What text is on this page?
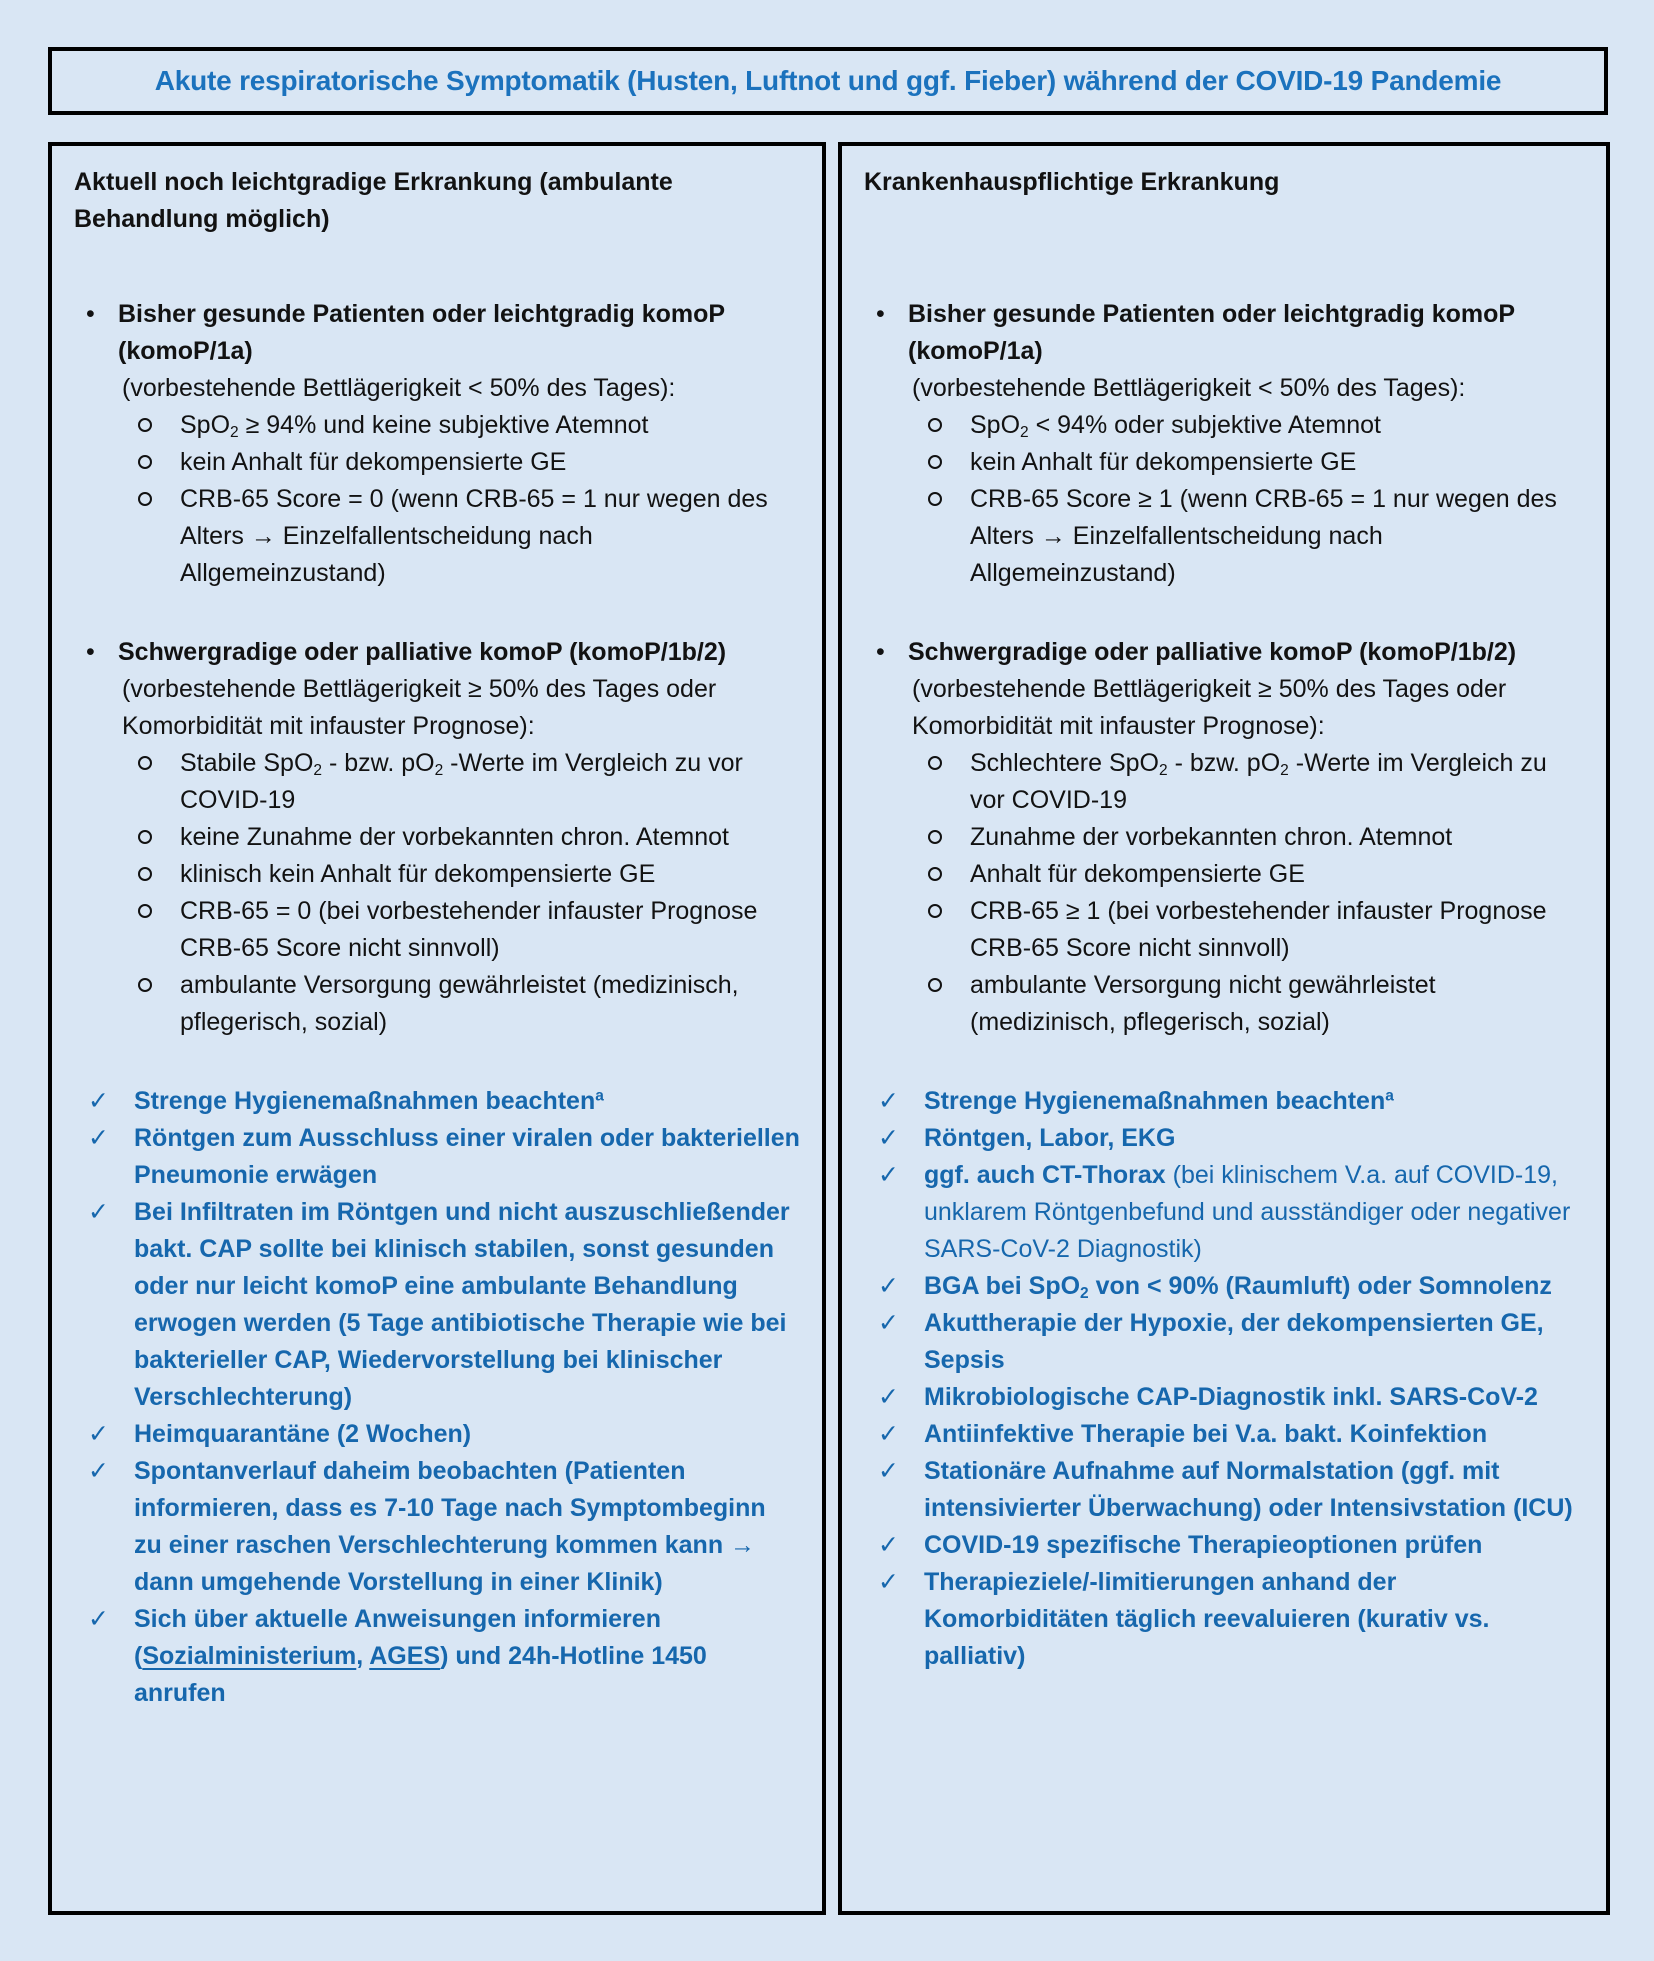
Akute respiratorische Symptomatik (Husten, Luftnot und ggf. Fieber) während der COVID-19 Pandemie
Aktuell noch leichtgradige Erkrankung (ambulante Behandlung möglich)
• Bisher gesunde Patienten oder leichtgradig komoP (komoP/1a)
(vorbestehende Bettlägerigkeit < 50% des Tages):
SpO$_2$ ≥ 94% und keine subjektive Atemnot
kein Anhalt für dekompensierte GE
CRB-65 Score = 0 (wenn CRB-65 = 1 nur wegen des Alters → Einzelfallentscheidung nach Allgemeinzustand)
• Schwergradige oder palliative komoP (komoP/1b/2)
(vorbestehende Bettlägerigkeit ≥ 50% des Tages oder Komorbidität mit infauster Prognose):
Stabile SpO$_2$ - bzw. $pO_2$ -Werte im Vergleich zu vor COVID-19
keine Zunahme der vorbekannten chron. Atemnot
klinisch kein Anhalt für dekompensierte GE
CRB-65 = 0 (bei vorbestehender infauster Prognose CRB-65 Score nicht sinnvoll)
ambulante Versorgung gewährleistet (medizinisch, pflegerisch, sozial)
✓ Strenge Hygienemaßnahmen beachten$^a$
✓ Röntgen zum Ausschluss einer viralen oder bakteriellen Pneumonie erwägen
✓ Bei Infiltraten im Röntgen und nicht auszuschließender bakt. CAP sollte bei klinisch stabilen, sonst gesunden oder nur leicht komoP eine ambulante Behandlung erwogen werden (5 Tage antibiotische Therapie wie bei bakterieller CAP, Wiedervorstellung bei klinischer Verschlechterung)
✓ Heimquarantäne (2 Wochen)
✓ Spontanverlauf daheim beobachten (Patienten informieren, dass es 7-10 Tage nach Symptombeginn zu einer raschen Verschlechterung kommen kann → dann umgehende Vorstellung in einer Klinik)
✓ Sich über aktuelle Anweisungen informieren (Sozialministerium, AGES) und 24h-Hotline 1450 anrufen
Krankenhauspflichtige Erkrankung
• Bisher gesunde Patienten oder leichtgradig komoP (komoP/1a)
(vorbestehende Bettlägerigkeit < 50% des Tages):
SpO$_2$ < 94% oder subjektive Atemnot
kein Anhalt für dekompensierte GE
CRB-65 Score ≥ 1 (wenn CRB-65 = 1 nur wegen des Alters → Einzelfallentscheidung nach Allgemeinzustand)
• Schwergradige oder palliative komoP (komoP/1b/2)
(vorbestehende Bettlägerigkeit ≥ 50% des Tages oder Komorbidität mit infauster Prognose):
Schlechtere SpO$_2$ - bzw. $pO_2$ -Werte im Vergleich zu vor COVID-19
Zunahme der vorbekannten chron. Atemnot
Anhalt für dekompensierte GE
CRB-65 ≥ 1 (bei vorbestehender infauster Prognose CRB-65 Score nicht sinnvoll)
ambulante Versorgung nicht gewährleistet (medizinisch, pflegerisch, sozial)
✓ Strenge Hygienemaßnahmen beachten$^a$
✓ Röntgen, Labor, EKG
✓ ggf. auch CT-Thorax (bei klinischem V.a. auf COVID-19, unklarem Röntgenbefund und ausständiger oder negativer SARS-CoV-2 Diagnostik)
✓ BGA bei SpO$_2$ von < 90% (Raumluft) oder Somnolenz
✓ Akuttherapie der Hypoxie, der dekompensierten GE, Sepsis
✓ Mikrobiologische CAP-Diagnostik inkl. SARS-CoV-2
✓ Antiinfektive Therapie bei V.a. bakt. Koinfektion
✓ Stationäre Aufnahme auf Normalstation (ggf. mit intensivierter Überwachung) oder Intensivstation (ICU)
✓ COVID-19 spezifische Therapieoptionen prüfen
✓ Therapieziele/-limitierungen anhand der Komorbiditäten täglich reevaluieren (kurativ vs. palliativ)
